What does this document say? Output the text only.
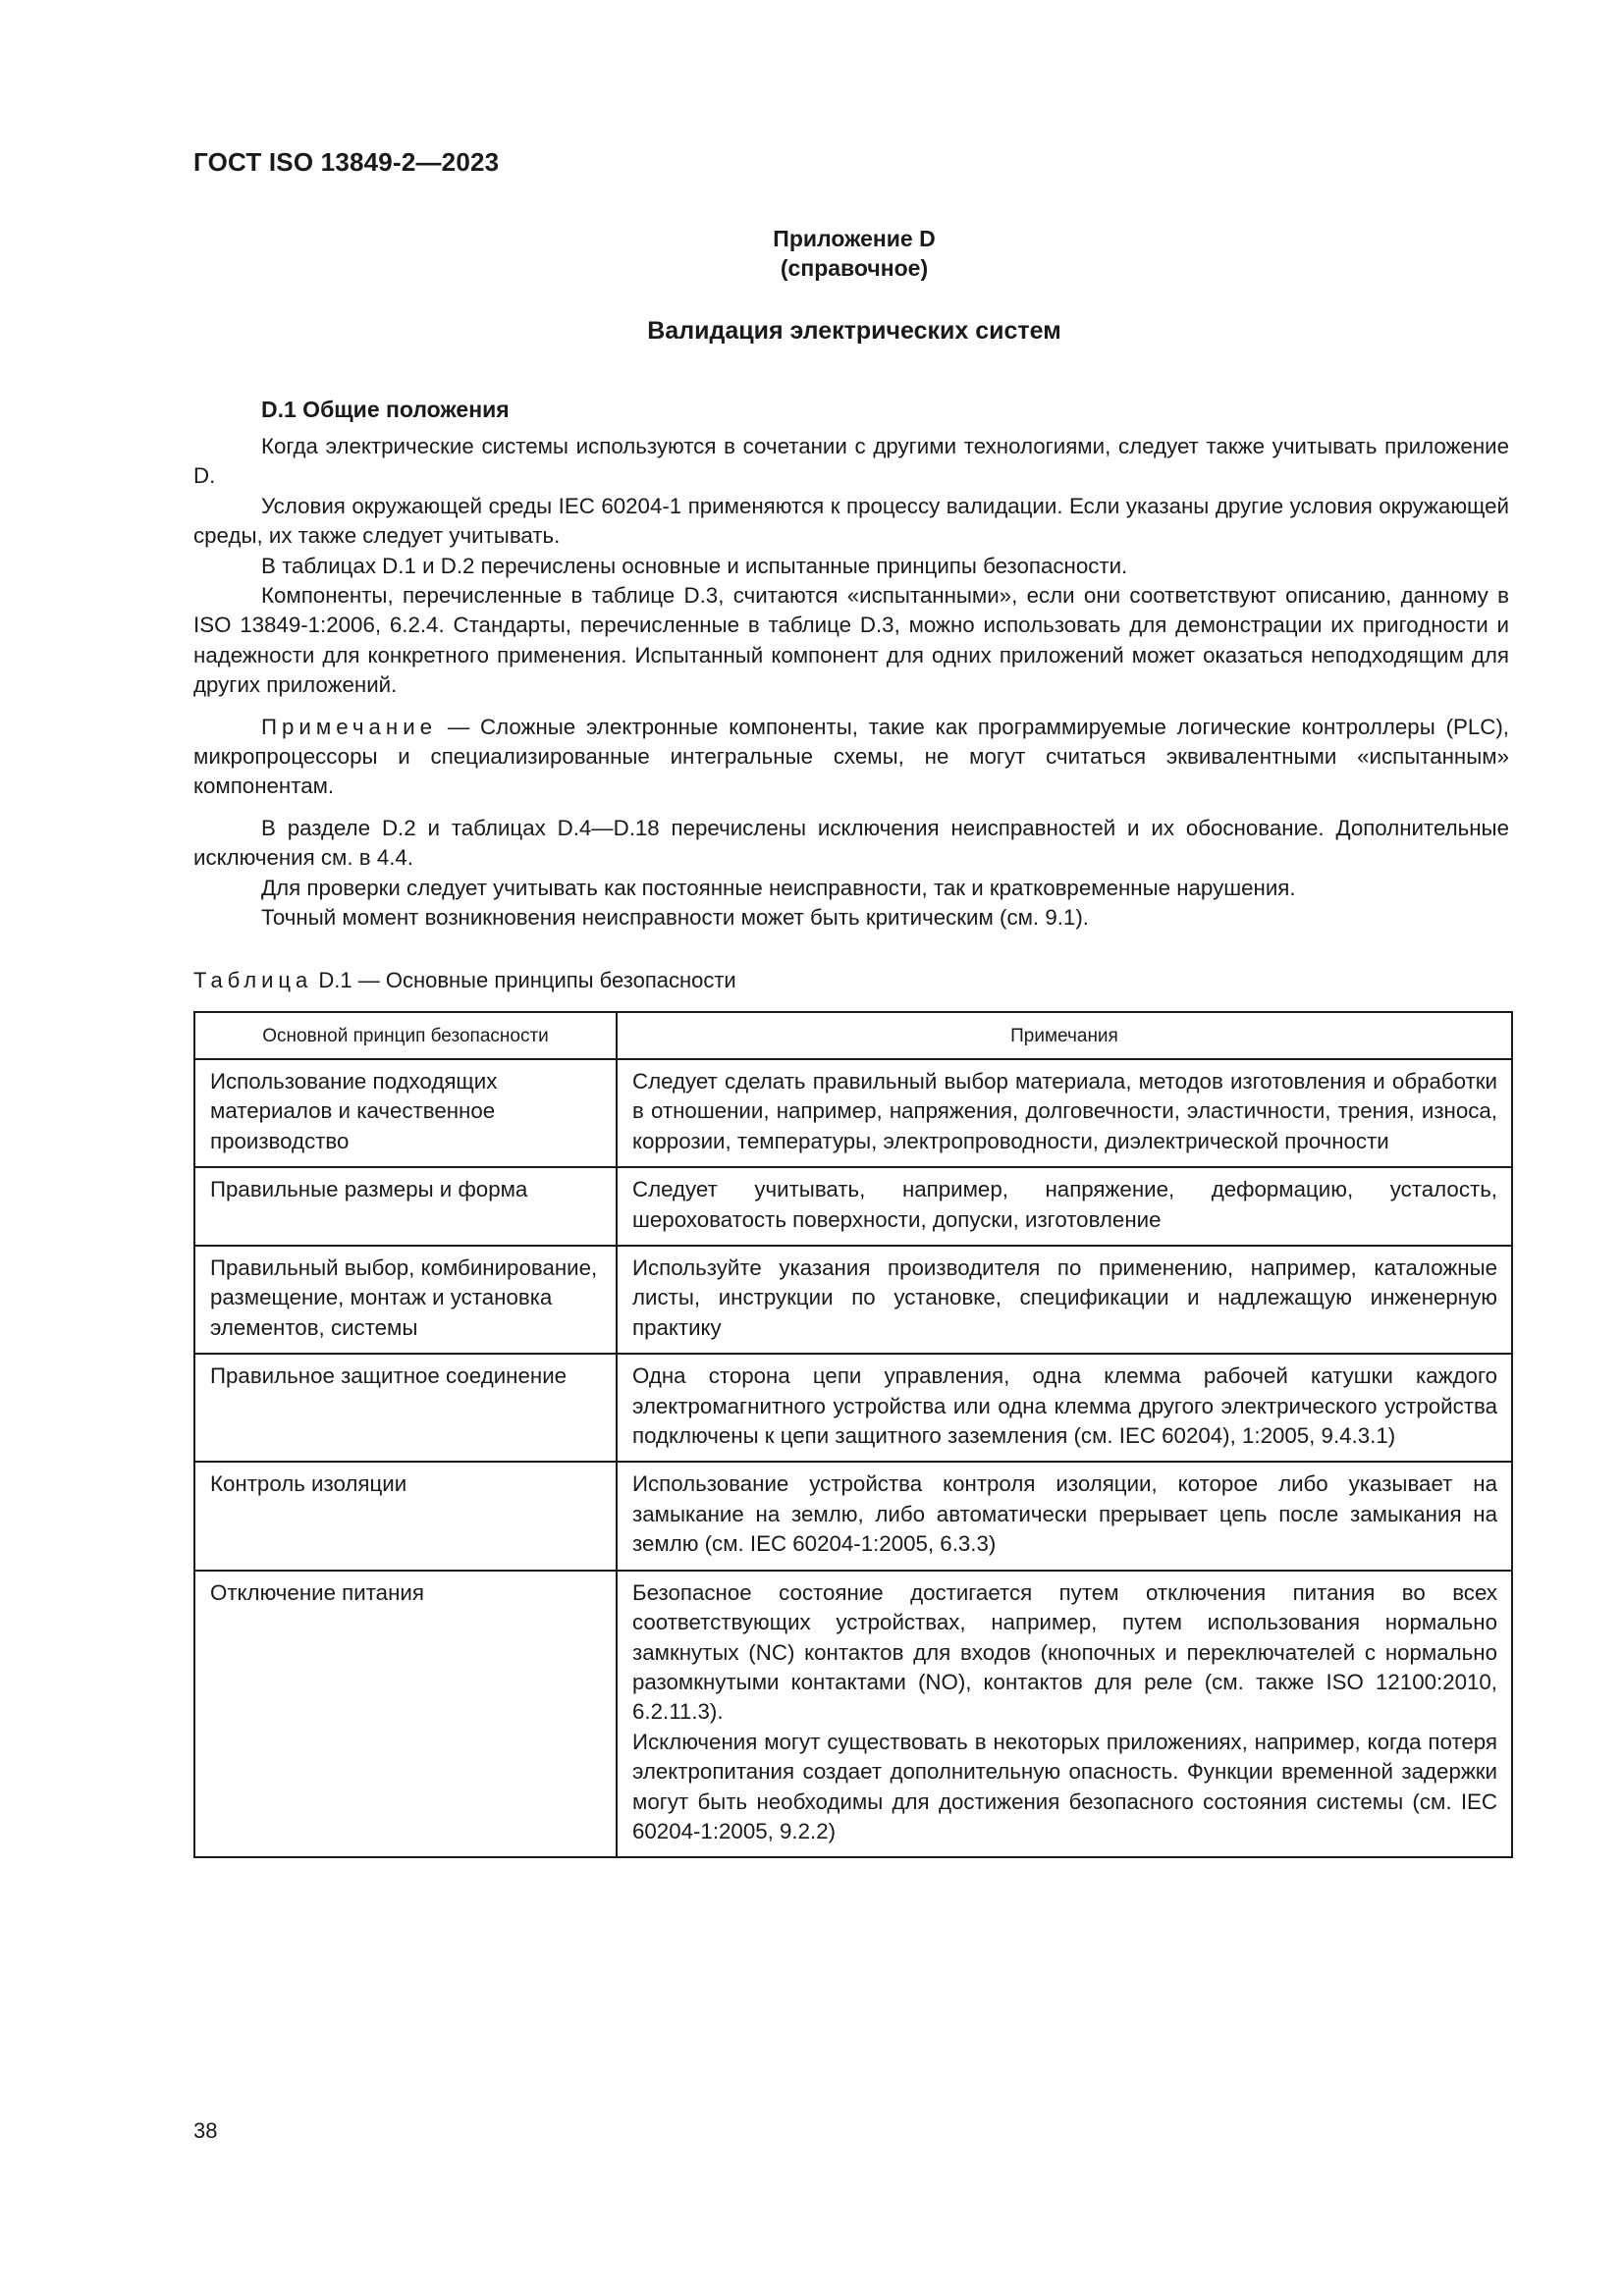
ГОСТ ISO 13849-2—2023
Приложение D
(справочное)
Валидация электрических систем
D.1 Общие положения

Когда электрические системы используются в сочетании с другими технологиями, следует также учитывать приложение D.

Условия окружающей среды IEC 60204-1 применяются к процессу валидации. Если указаны другие условия окружающей среды, их также следует учитывать.

В таблицах D.1 и D.2 перечислены основные и испытанные принципы безопасности.

Компоненты, перечисленные в таблице D.3, считаются «испытанными», если они соответствуют описанию, данному в ISO 13849-1:2006, 6.2.4. Стандарты, перечисленные в таблице D.3, можно использовать для демонстрации их пригодности и надежности для конкретного применения. Испытанный компонент для одних приложений может оказаться неподходящим для других приложений.

Примечание — Сложные электронные компоненты, такие как программируемые логические контроллеры (PLC), микропроцессоры и специализированные интегральные схемы, не могут считаться эквивалентными «испытанным» компонентам.

В разделе D.2 и таблицах D.4—D.18 перечислены исключения неисправностей и их обоснование. Дополнительные исключения см. в 4.4.

Для проверки следует учитывать как постоянные неисправности, так и кратковременные нарушения.

Точный момент возникновения неисправности может быть критическим (см. 9.1).

Таблица D.1 — Основные принципы безопасности
Основной принцип безопасности	Примечания
Использование подходящих материалов и качественное производство	Следует сделать правильный выбор материала, методов изготовления и обработки в отношении, например, напряжения, долговечности, эластичности, трения, износа, коррозии, температуры, электропроводности, диэлектрической прочности

Правильные размеры и форма	Следует учитывать, например, напряжение, деформацию, усталость, шероховатость поверхности, допуски, изготовление

Правильный выбор, комбинирование, размещение, монтаж и установка элементов, системы	Используйте указания производителя по применению, например, каталожные листы, инструкции по установке, спецификации и надлежащую инженерную практику

Правильное защитное соединение	Одна сторона цепи управления, одна клемма рабочей катушки каждого электромагнитного устройства или одна клемма другого электрического устройства подключены к цепи защитного заземления (см. IEC 60204), 1:2005, 9.4.3.1)

Контроль изоляции	Использование устройства контроля изоляции, которое либо указывает на замыкание на землю, либо автоматически прерывает цепь после замыкания на землю (см. IEC 60204-1:2005, 6.3.3)

Отключение питания	Безопасное состояние достигается путем отключения питания во всех соответствующих устройствах, например, путем использования нормально замкнутых (NC) контактов для входов (кнопочных и переключателей с нормально разомкнутыми контактами (NO), контактов для реле (см. также ISO 12100:2010, 6.2.11.3).

Исключения могут существовать в некоторых приложениях, например, когда потеря электропитания создает дополнительную опасность. Функции временной задержки могут быть необходимы для достижения безопасного состояния системы (см. IEC 60204-1:2005, 9.2.2)

38
